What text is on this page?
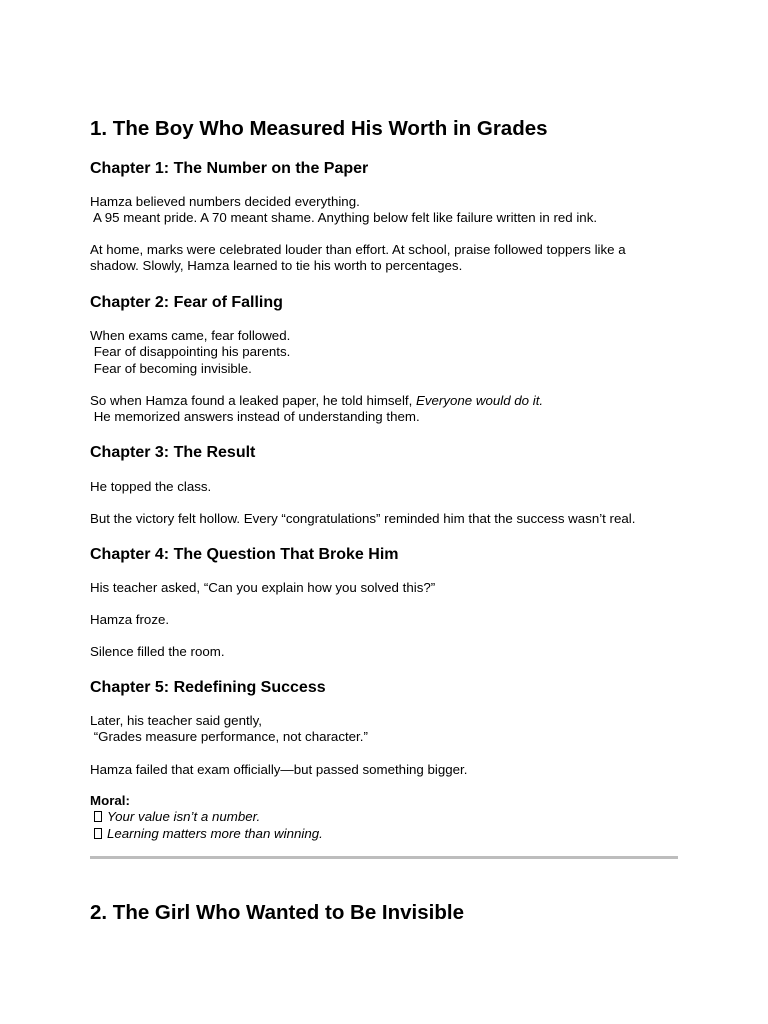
1. The Boy Who Measured His Worth in Grades
Chapter 1: The Number on the Paper

Hamza believed numbers decided everything.
A 95 meant pride. A 70 meant shame. Anything below felt like failure written in red ink.

At home, marks were celebrated louder than effort. At school, praise followed toppers like a
shadow. Slowly, Hamza learned to tie his worth to percentages.

Chapter 2: Fear of Falling

When exams came, fear followed.
Fear of disappointing his parents.
Fear of becoming invisible.

So when Hamza found a leaked paper, he told himself, Everyone would do it.
He memorized answers instead of understanding them.

Chapter 3: The Result

He topped the class.

But the victory felt hollow. Every “congratulations” reminded him that the success wasn’t real.

Chapter 4: The Question That Broke Him

His teacher asked, “Can you explain how you solved this?”

Hamza froze.

Silence filled the room.

Chapter 5: Redefining Success

Later, his teacher said gently,
“Grades measure performance, not character.”

Hamza failed that exam officially—but passed something bigger.

Moral:
Your value isn’t a number.
Learning matters more than winning.

2. The Girl Who Wanted to Be Invisible
